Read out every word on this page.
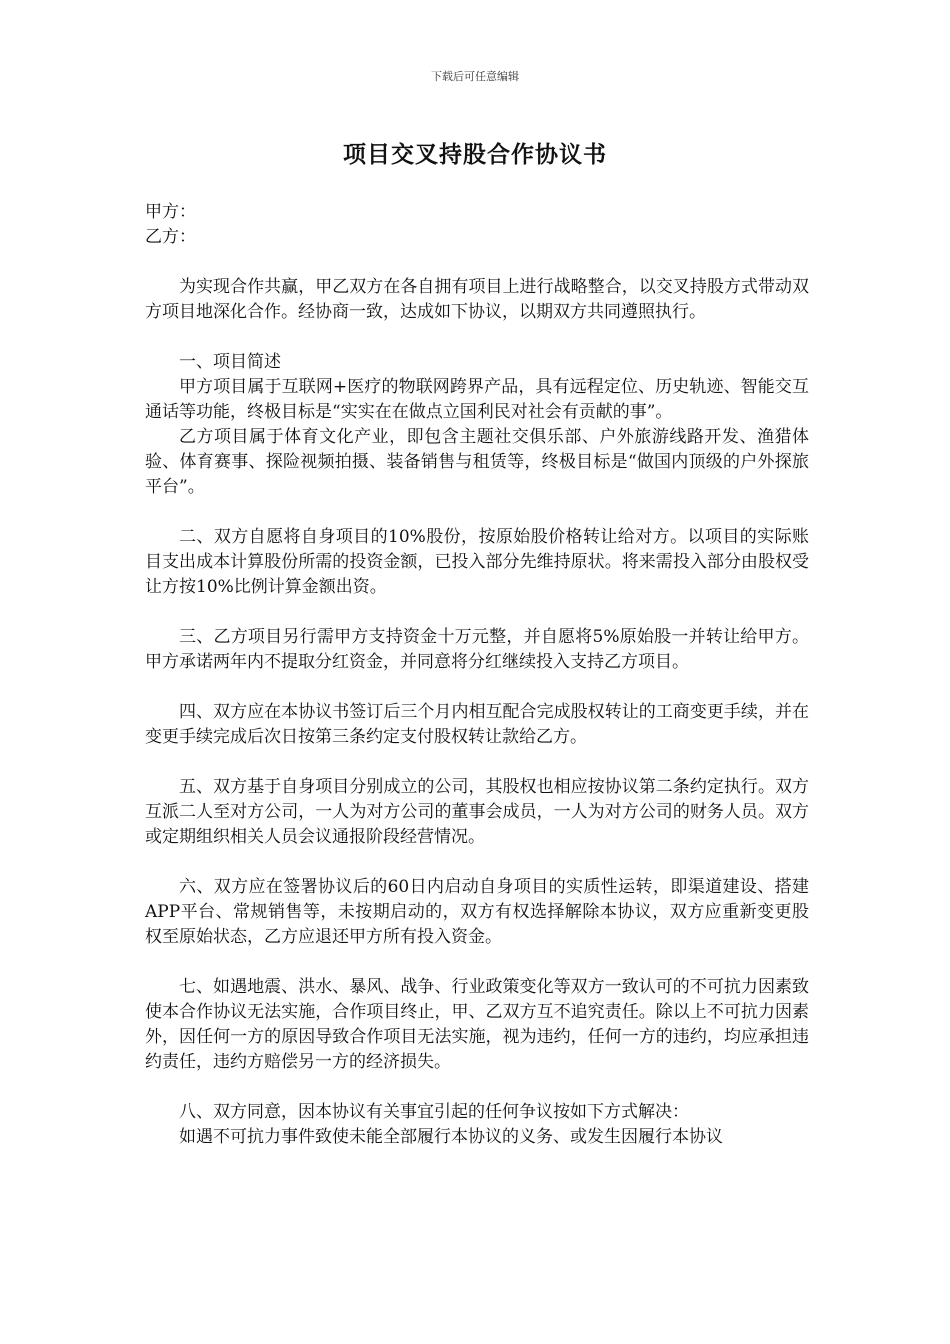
下载后可任意编辑
项目交叉持股合作协议书

甲方：

乙方：

为实现合作共赢，甲乙双方在各自拥有项目上进行战略整合，以交叉持股方式带动双方项目地深化合作。经协商一致，达成如下协议，以期双方共同遵照执行。

一、项目简述

甲方项目属于互联网+医疗的物联网跨界产品，具有远程定位、历史轨迹、智能交互通话等功能，终极目标是“实实在在做点立国利民对社会有贡献的事”。

乙方项目属于体育文化产业，即包含主题社交俱乐部、户外旅游线路开发、渔猎体验、体育赛事、探险视频拍摄、装备销售与租赁等，终极目标是“做国内顶级的户外探旅平台”。

二、双方自愿将自身项目的10%股份，按原始股价格转让给对方。以项目的实际账目支出成本计算股份所需的投资金额，已投入部分先维持原状。将来需投入部分由股权受让方按10%比例计算金额出资。

三、乙方项目另行需甲方支持资金十万元整，并自愿将5%原始股一并转让给甲方。甲方承诺两年内不提取分红资金，并同意将分红继续投入支持乙方项目。

四、双方应在本协议书签订后三个月内相互配合完成股权转让的工商变更手续，并在变更手续完成后次日按第三条约定支付股权转让款给乙方。

五、双方基于自身项目分别成立的公司，其股权也相应按协议第二条约定执行。双方互派二人至对方公司，一人为对方公司的董事会成员，一人为对方公司的财务人员。双方或定期组织相关人员会议通报阶段经营情况。

六、双方应在签署协议后的60日内启动自身项目的实质性运转，即渠道建设、搭建APP平台、常规销售等，未按期启动的，双方有权选择解除本协议，双方应重新变更股权至原始状态，乙方应退还甲方所有投入资金。

七、如遇地震、洪水、暴风、战争、行业政策变化等双方一致认可的不可抗力因素致使本合作协议无法实施，合作项目终止，甲、乙双方互不追究责任。除以上不可抗力因素外，因任何一方的原因导致合作项目无法实施，视为违约，任何一方的违约，均应承担违约责任，违约方赔偿另一方的经济损失。

八、双方同意，因本协议有关事宜引起的任何争议按如下方式解决：

如遇不可抗力事件致使未能全部履行本协议的义务、或发生因履行本协议
